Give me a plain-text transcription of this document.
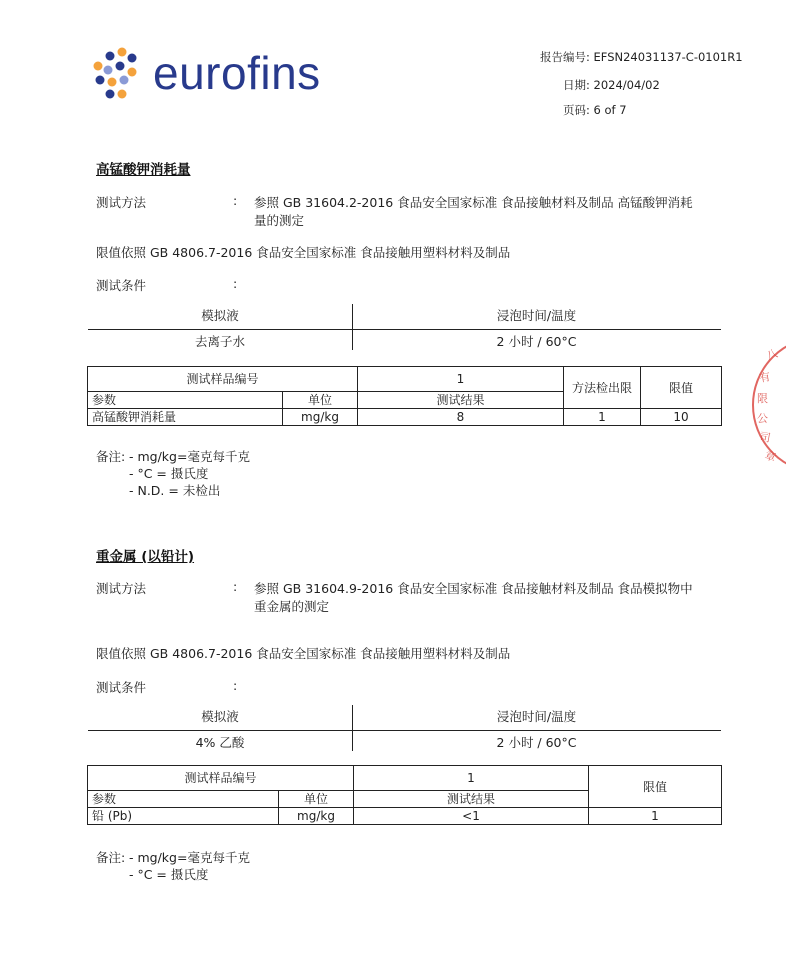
eurofins	报告编号: EFSN24031137-C-0101R1
日期: 2024/04/02
页码: 6 of 7
高锰酸钾消耗量
测试方法	: 参照 GB 31604.2-2016 食品安全国家标准 食品接触材料及制品 高锰酸钾消耗
量的测定
限值依照 GB 4806.7-2016 食品安全国家标准 食品接触用塑料材料及制品
测试条件	:
模拟液	浸泡时间/温度
去离子水	2 小时 / 60°C
测试样品编号		1	方法检出限	限值
参数	单位	测试结果		
高锰酸钾消耗量	mg/kg	8	1	10
备注: - mg/kg=毫克每千克
- °C = 摄氏度
- N.D. = 未检出
重金属 (以铅计)
测试方法	: 参照 GB 31604.9-2016 食品安全国家标准 食品接触材料及制品 食品模拟物中
重金属的测定
限值依照 GB 4806.7-2016 食品安全国家标准 食品接触用塑料材料及制品
测试条件	:
模拟液	浸泡时间/温度
4% 乙酸	2 小时 / 60°C
测试样品编号		1	限值
参数	单位	测试结果	
铅 (Pb)	mg/kg	<1	1
备注: - mg/kg=毫克每千克
- °C = 摄氏度
八
有
限
公
司
章
